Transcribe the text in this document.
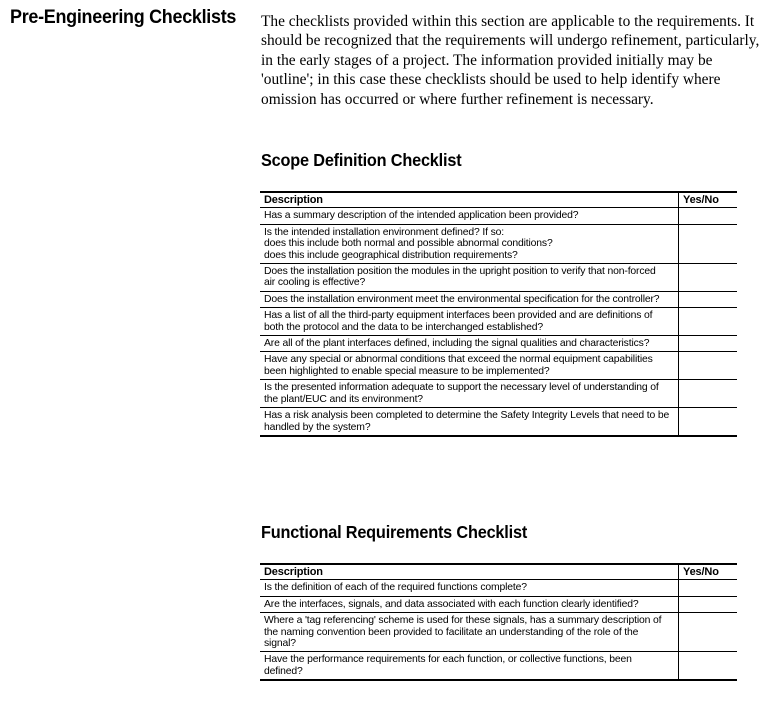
Pre-Engineering Checklists The checklists provided within this section are applicable to the requirements. It should be recognized that the requirements will undergo refinement, particularly, in the early stages of a project. The information provided initially may be 'outline'; in this case these checklists should be used to help identify where omission has occurred or where further refinement is necessary.

Scope Definition Checklist
Description	Yes/No

Has a summary description of the intended application been provided?	

Is the intended installation environment defined? If so:
does this include both normal and possible abnormal conditions?
does this include geographical distribution requirements?	

Does the installation position the modules in the upright position to verify that non-forced
air cooling is effective?	

Does the installation environment meet the environmental specification for the controller?	

Has a list of all the third-party equipment interfaces been provided and are definitions of
both the protocol and the data to be interchanged established?	

Are all of the plant interfaces defined, including the signal qualities and characteristics?	

Have any special or abnormal conditions that exceed the normal equipment capabilities
been highlighted to enable special measure to be implemented?	

Is the presented information adequate to support the necessary level of understanding of
the plant/EUC and its environment?	

Has a risk analysis been completed to determine the Safety Integrity Levels that need to be
handled by the system?	

Functional Requirements Checklist
Description	Yes/No

Is the definition of each of the required functions complete?	

Are the interfaces, signals, and data associated with each function clearly identified?	

Where a 'tag referencing' scheme is used for these signals, has a summary description of
the naming convention been provided to facilitate an understanding of the role of the
signal?	

Have the performance requirements for each function, or collective functions, been
defined?	
